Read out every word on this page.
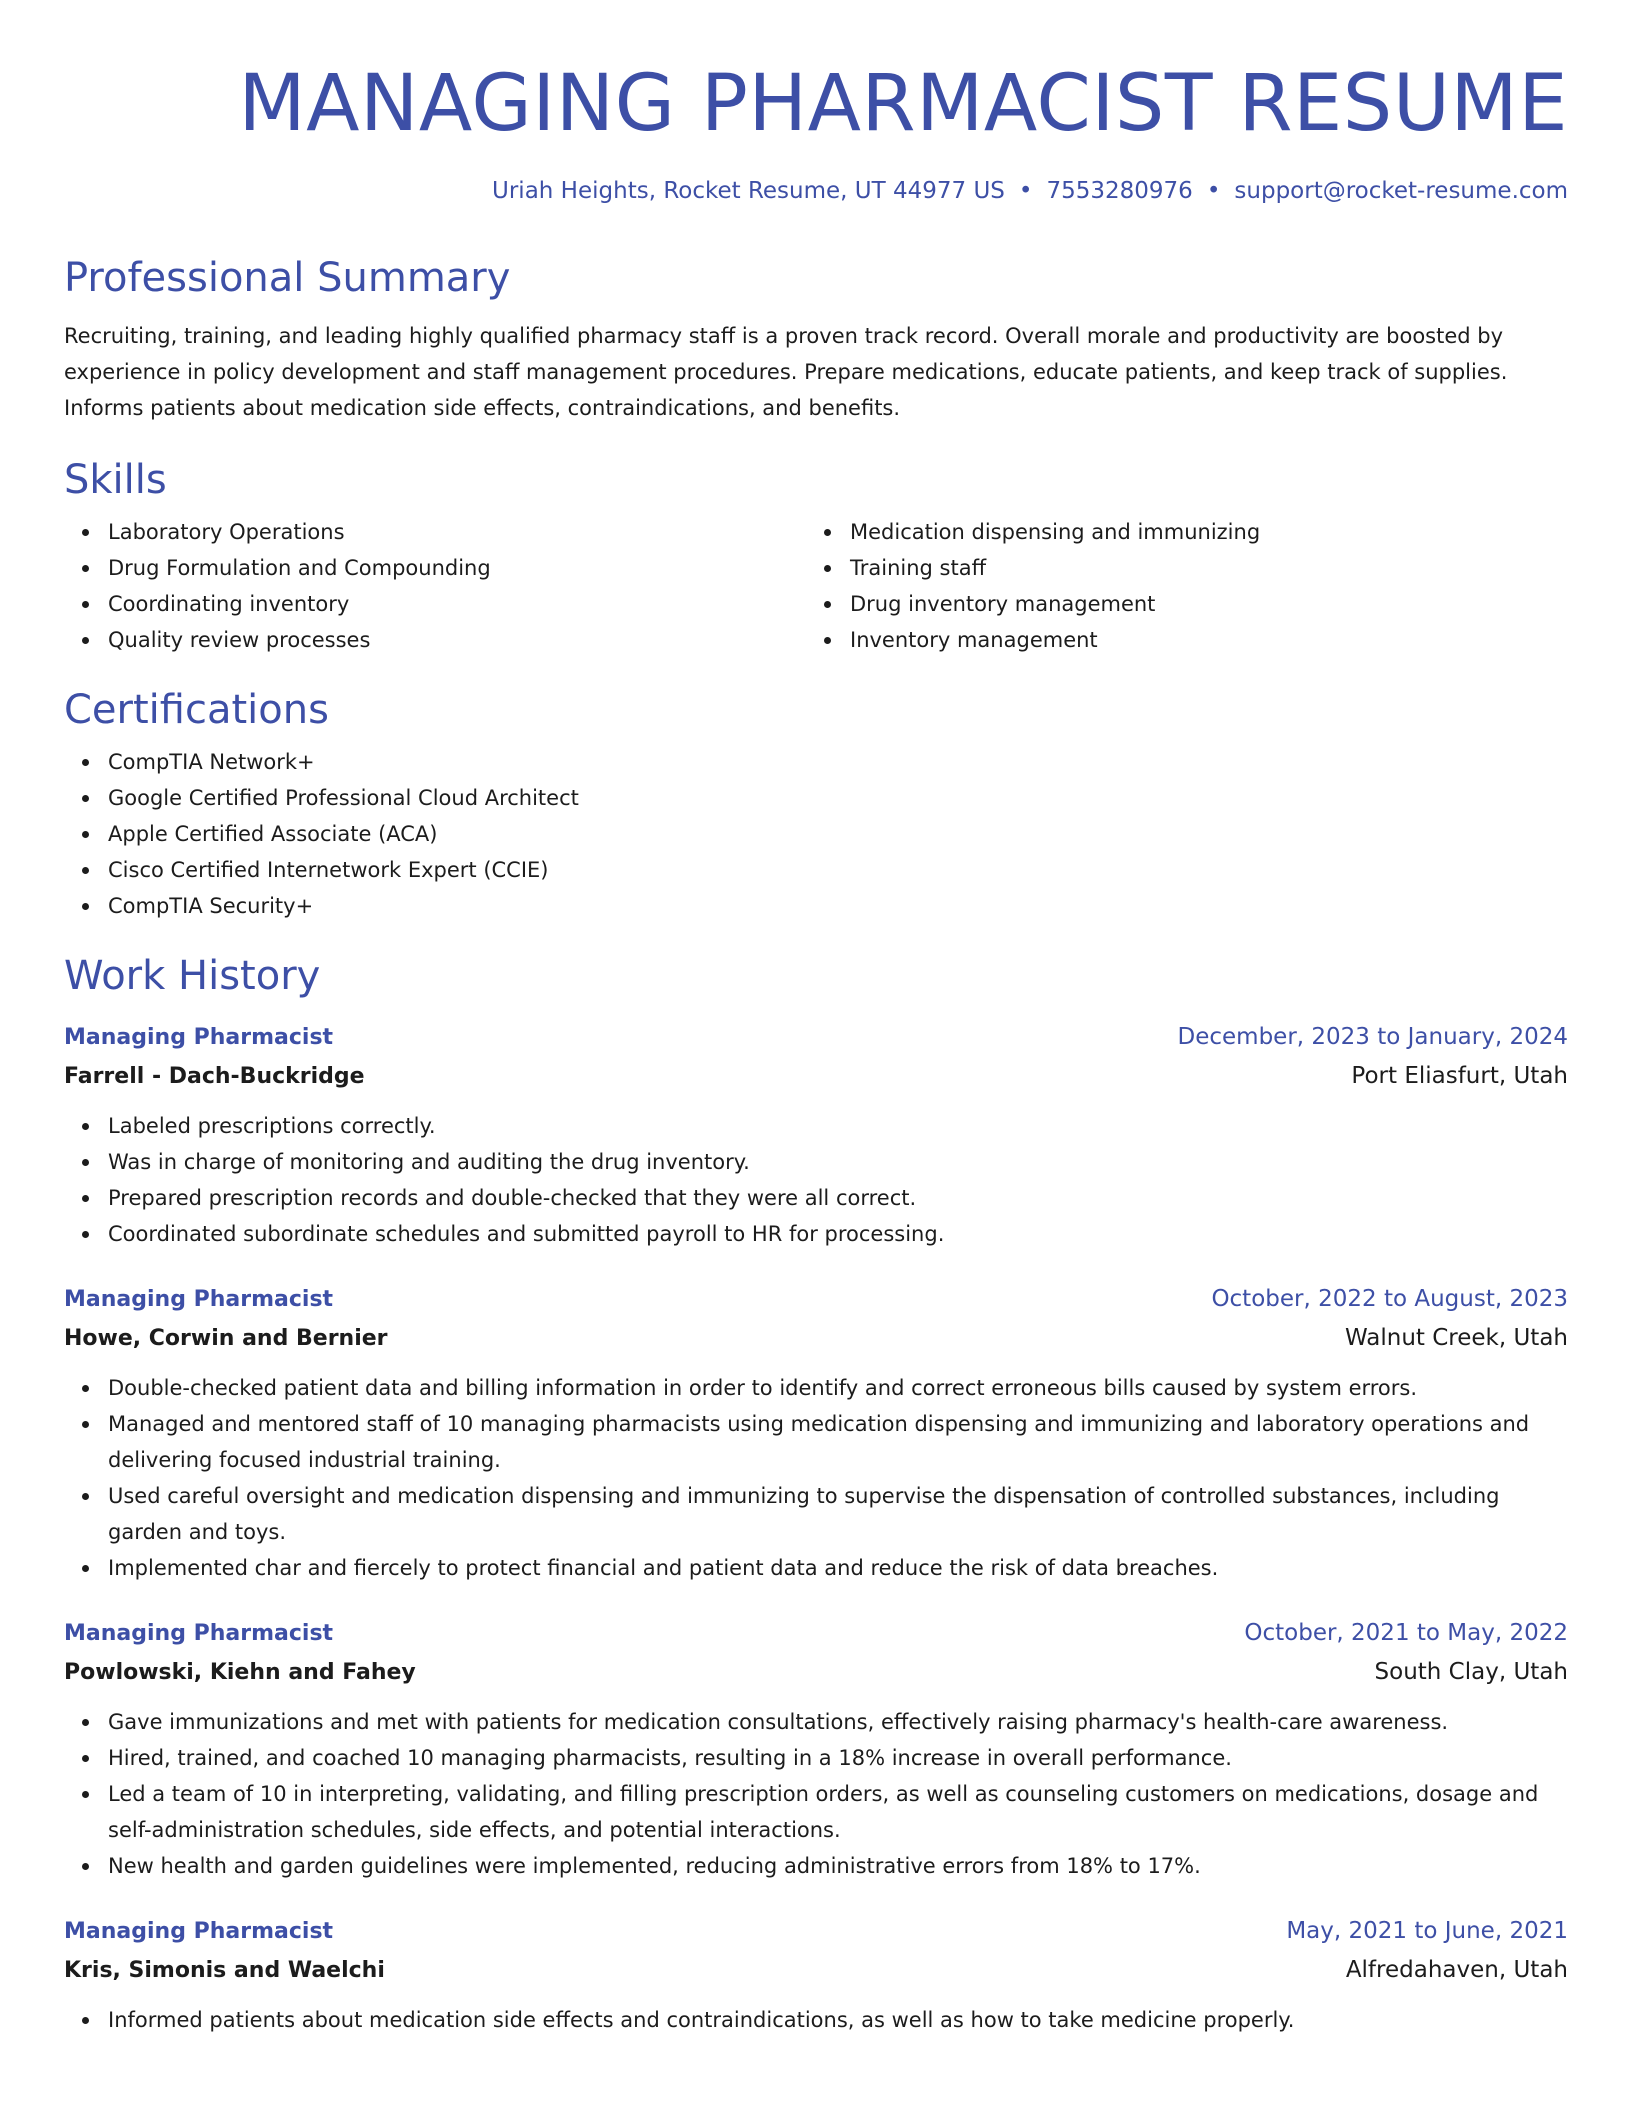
MANAGING PHARMACIST RESUME
Uriah Heights, Rocket Resume, UT 44977 US • 7553280976 • support@rocket-resume.com
Professional Summary

Recruiting, training, and leading highly qualified pharmacy staff is a proven track record. Overall morale and productivity are boosted by experience in policy development and staff management procedures. Prepare medications, educate patients, and keep track of supplies. Informs patients about medication side effects, contraindications, and benefits.

Skills
Laboratory Operations
Drug Formulation and Compounding
Coordinating inventory
Quality review processes
Medication dispensing and immunizing
Training staff
Drug inventory management
Inventory management
Certifications
CompTIA Network+
Google Certified Professional Cloud Architect
Apple Certified Associate (ACA)
Cisco Certified Internetwork Expert (CCIE)
CompTIA Security+
Work History
Managing Pharmacist	December, 2023 to January, 2024
Farrell - Dach-Buckridge	Port Eliasfurt, Utah
Labeled prescriptions correctly.
Was in charge of monitoring and auditing the drug inventory.
Prepared prescription records and double-checked that they were all correct.
Coordinated subordinate schedules and submitted payroll to HR for processing.
Managing Pharmacist	October, 2022 to August, 2023
Howe, Corwin and Bernier	Walnut Creek, Utah
Double-checked patient data and billing information in order to identify and correct erroneous bills caused by system errors.
Managed and mentored staff of 10 managing pharmacists using medication dispensing and immunizing and laboratory operations and delivering focused industrial training.
Used careful oversight and medication dispensing and immunizing to supervise the dispensation of controlled substances, including garden and toys.
Implemented char and fiercely to protect financial and patient data and reduce the risk of data breaches.
Managing Pharmacist	October, 2021 to May, 2022
Powlowski, Kiehn and Fahey	South Clay, Utah
Gave immunizations and met with patients for medication consultations, effectively raising pharmacy's health-care awareness.
Hired, trained, and coached 10 managing pharmacists, resulting in a 18% increase in overall performance.
Led a team of 10 in interpreting, validating, and filling prescription orders, as well as counseling customers on medications, dosage and self-administration schedules, side effects, and potential interactions.
New health and garden guidelines were implemented, reducing administrative errors from 18% to 17%.
Managing Pharmacist	May, 2021 to June, 2021
Kris, Simonis and Waelchi	Alfredahaven, Utah
Informed patients about medication side effects and contraindications, as well as how to take medicine properly.
